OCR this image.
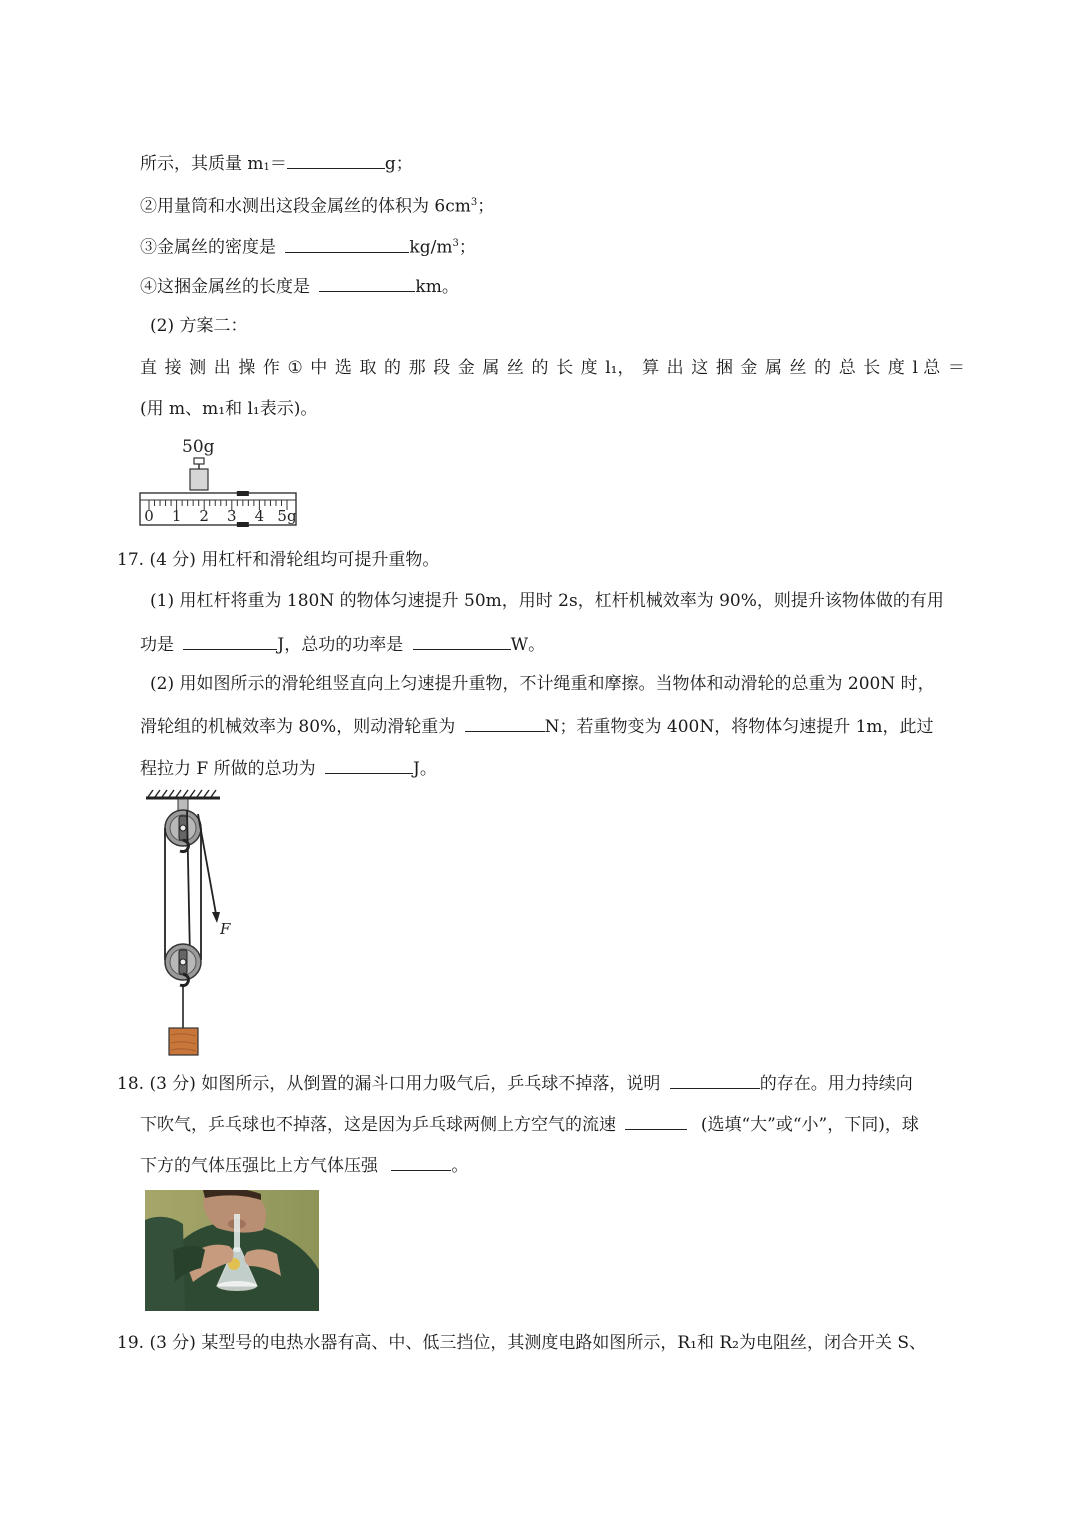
所示，其质量 $m_1=$	g；
②用量筒和水测出这段金属丝的体积为 $6cm^3$；
③金属丝的密度是	$kg/m^3$；
④这捆金属丝的长度是	km。
(2) 方案二：
直 接 测 出 操 作 ① 中 选 取 的 那 段 金 属 丝 的 长 度 l₁， 算 出 这 捆 金 属 丝 的 总 长 度 l 总 ＝
(用 m、m₁和 l₁表示)。
50g
0 1 2 3 4 5g
17. (4 分) 用杠杆和滑轮组均可提升重物。
(1) 用杠杆将重为 180N 的物体匀速提升 50m，用时 2s，杠杆机械效率为 90%，则提升该物体做的有用
功是	J，总功的功率是	W。
(2) 用如图所示的滑轮组竖直向上匀速提升重物，不计绳重和摩擦。当物体和动滑轮的总重为 200N 时，
滑轮组的机械效率为 80%，则动滑轮重为	N；若重物变为 400N，将物体匀速提升 1m，此过
程拉力 F 所做的总功为	J。
F
18. (3 分) 如图所示，从倒置的漏斗口用力吸气后，乒乓球不掉落，说明	的存在。用力持续向
下吹气，乒乓球也不掉落，这是因为乒乓球两侧上方空气的流速	(选填“大”或“小”，下同)，球
下方的气体压强比上方气体压强	。
19. (3 分) 某型号的电热水器有高、中、低三挡位，其测度电路如图所示，R₁和 R₂为电阻丝，闭合开关 S、
